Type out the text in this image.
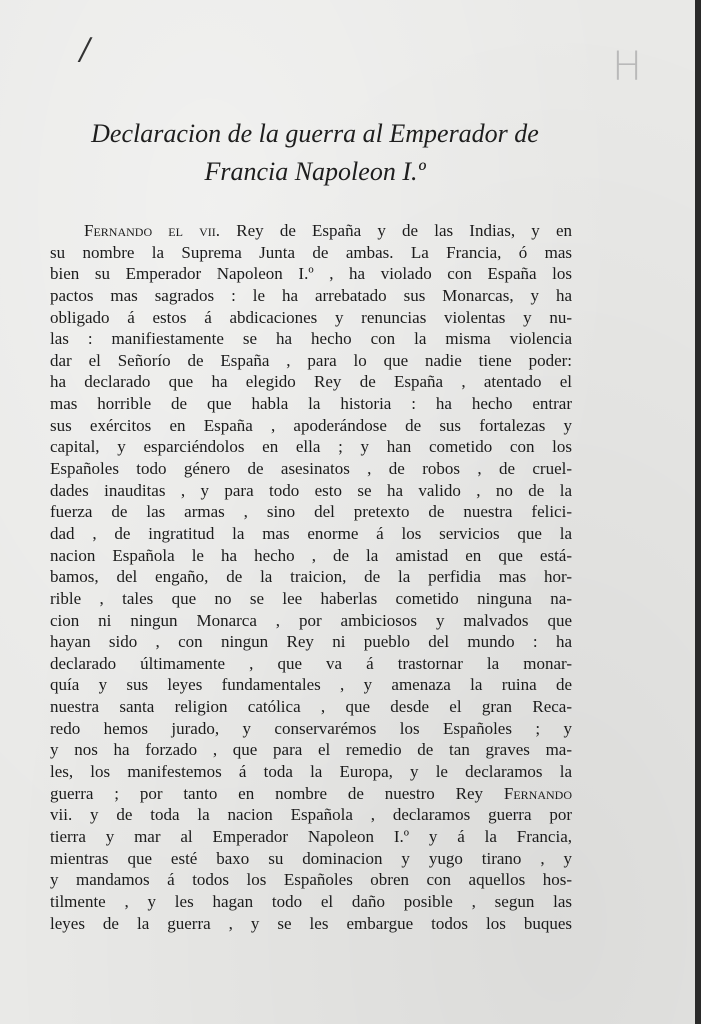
/	H
Declaracion de la guerra al Emperador de
Francia Napoleon I.º
Fernando el vii. Rey de España y de las Indias, y en
su nombre la Suprema Junta de ambas. La Francia, ó mas
bien su Emperador Napoleon I.º , ha violado con España los
pactos mas sagrados : le ha arrebatado sus Monarcas, y ha
obligado á estos á abdicaciones y renuncias violentas y nu-
las : manifiestamente se ha hecho con la misma violencia
dar el Señorío de España , para lo que nadie tiene poder:
ha declarado que ha elegido Rey de España , atentado el
mas horrible de que habla la historia : ha hecho entrar
sus exércitos en España , apoderándose de sus fortalezas y
capital, y esparciéndolos en ella ; y han cometido con los
Españoles todo género de asesinatos , de robos , de cruel-
dades inauditas , y para todo esto se ha valido , no de la
fuerza de las armas , sino del pretexto de nuestra felici-
dad , de ingratitud la mas enorme á los servicios que la
nacion Española le ha hecho , de la amistad en que está-
bamos, del engaño, de la traicion, de la perfidia mas hor-
rible , tales que no se lee haberlas cometido ninguna na-
cion ni ningun Monarca , por ambiciosos y malvados que
hayan sido , con ningun Rey ni pueblo del mundo : ha
declarado últimamente , que va á trastornar la monar-
quía y sus leyes fundamentales , y amenaza la ruina de
nuestra santa religion católica , que desde el gran Reca-
redo hemos jurado, y conservarémos los Españoles ; y
y nos ha forzado , que para el remedio de tan graves ma-
les, los manifestemos á toda la Europa, y le declaramos la
guerra ; por tanto en nombre de nuestro Rey Fernando
vii. y de toda la nacion Española , declaramos guerra por
tierra y mar al Emperador Napoleon I.º y á la Francia,
mientras que esté baxo su dominacion y yugo tirano , y
y mandamos á todos los Españoles obren con aquellos hos-
tilmente , y les hagan todo el daño posible , segun las
leyes de la guerra , y se les embargue todos los buques
